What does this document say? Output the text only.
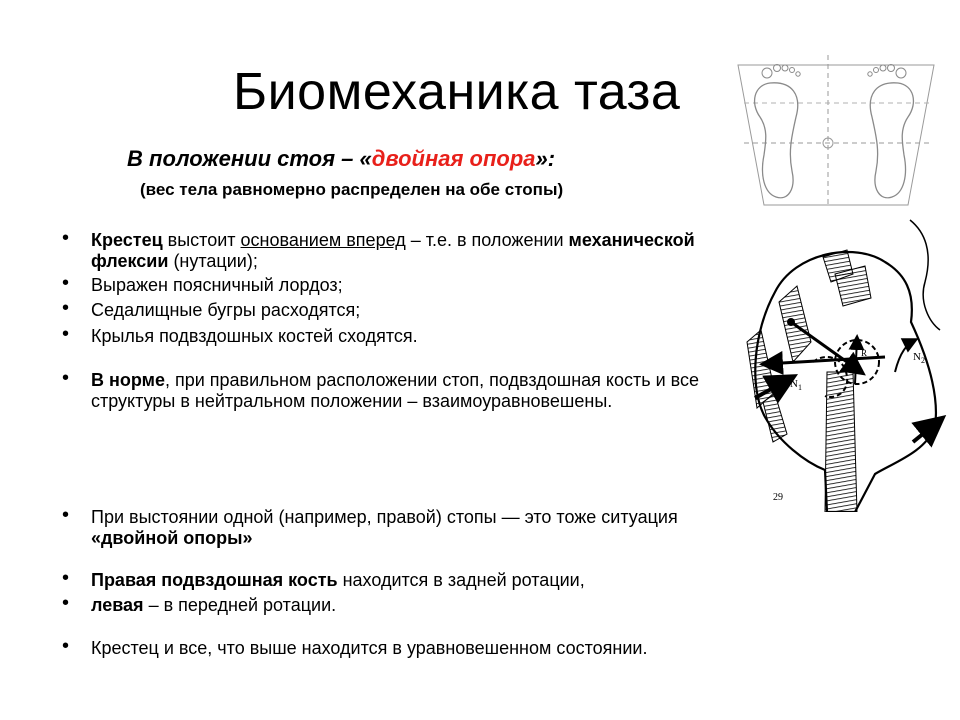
Биомеханика таза
В положении стоя – «двойная опора»:
(вес тела равномерно распределен на обе стопы)
• Крестец выстоит основанием вперед – т.е. в положении механической флексии (нутации);
• Выражен поясничный лордоз;
• Седалищные бугры расходятся;
• Крылья подвздошных костей сходятся.
• В норме, при правильном расположении стоп, подвздошная кость и все структуры в нейтральном положении – взаимоуравновешены.
• При выстоянии одной (например, правой) стопы — это тоже ситуация «двойной опоры»
• Правая подвздошная кость находится в задней ротации,
• левая – в передней ротации.
• Крестец и все, что выше находится в уравновешенном состоянии.
$N_1$
$N_2$
R
29
